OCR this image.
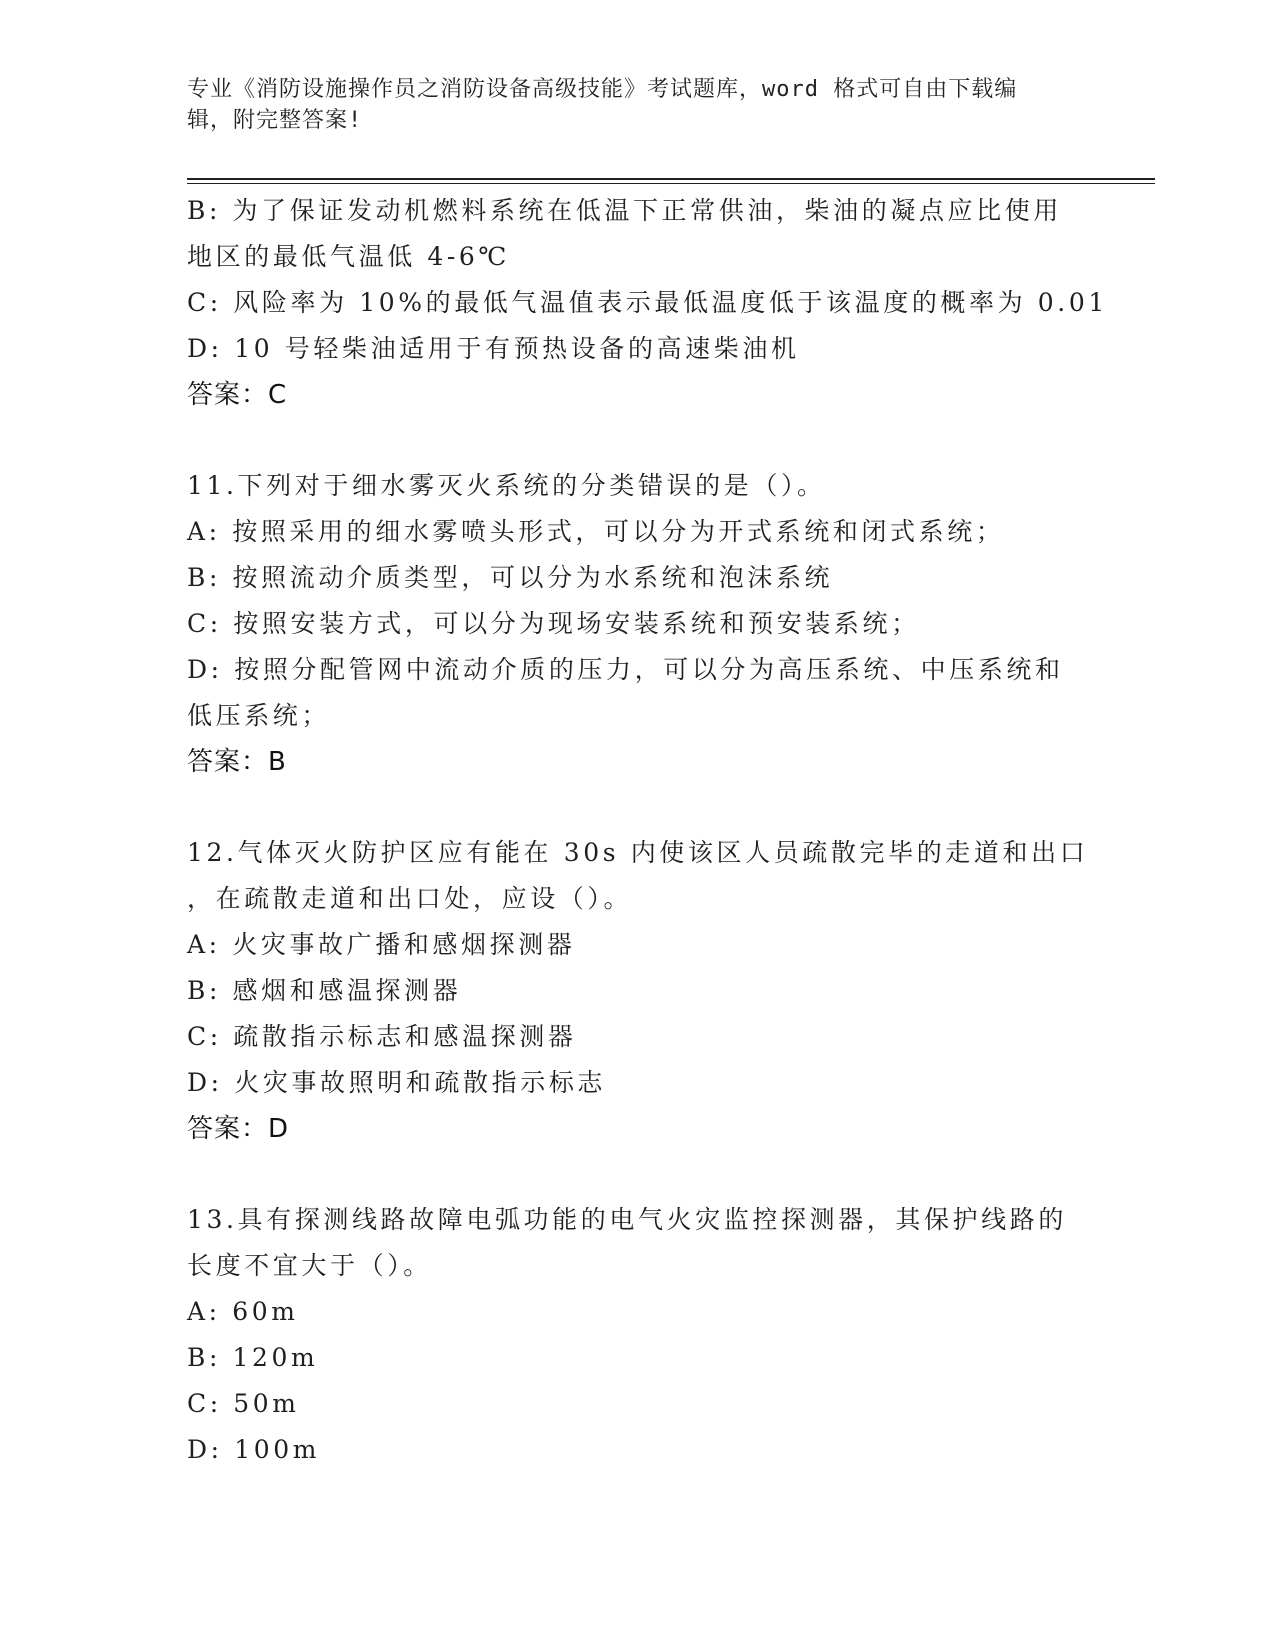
专业《消防设施操作员之消防设备高级技能》考试题库，word 格式可自由下载编
辑，附完整答案!
B: 为了保证发动机燃料系统在低温下正常供油，柴油的凝点应比使用
地区的最低气温低 4-6℃
C: 风险率为 10%的最低气温值表示最低温度低于该温度的概率为 0.01
D: 10 号轻柴油适用于有预热设备的高速柴油机
答案：C
11.下列对于细水雾灭火系统的分类错误的是（）。
A: 按照采用的细水雾喷头形式，可以分为开式系统和闭式系统；
B: 按照流动介质类型，可以分为水系统和泡沫系统
C: 按照安装方式，可以分为现场安装系统和预安装系统；
D: 按照分配管网中流动介质的压力，可以分为高压系统、中压系统和
低压系统；
答案：B
12.气体灭火防护区应有能在 30s 内使该区人员疏散完毕的走道和出口
，在疏散走道和出口处，应设（）。
A: 火灾事故广播和感烟探测器
B: 感烟和感温探测器
C: 疏散指示标志和感温探测器
D: 火灾事故照明和疏散指示标志
答案：D
13.具有探测线路故障电弧功能的电气火灾监控探测器，其保护线路的
长度不宜大于（）。
A: 60m
B: 120m
C: 50m
D: 100m
